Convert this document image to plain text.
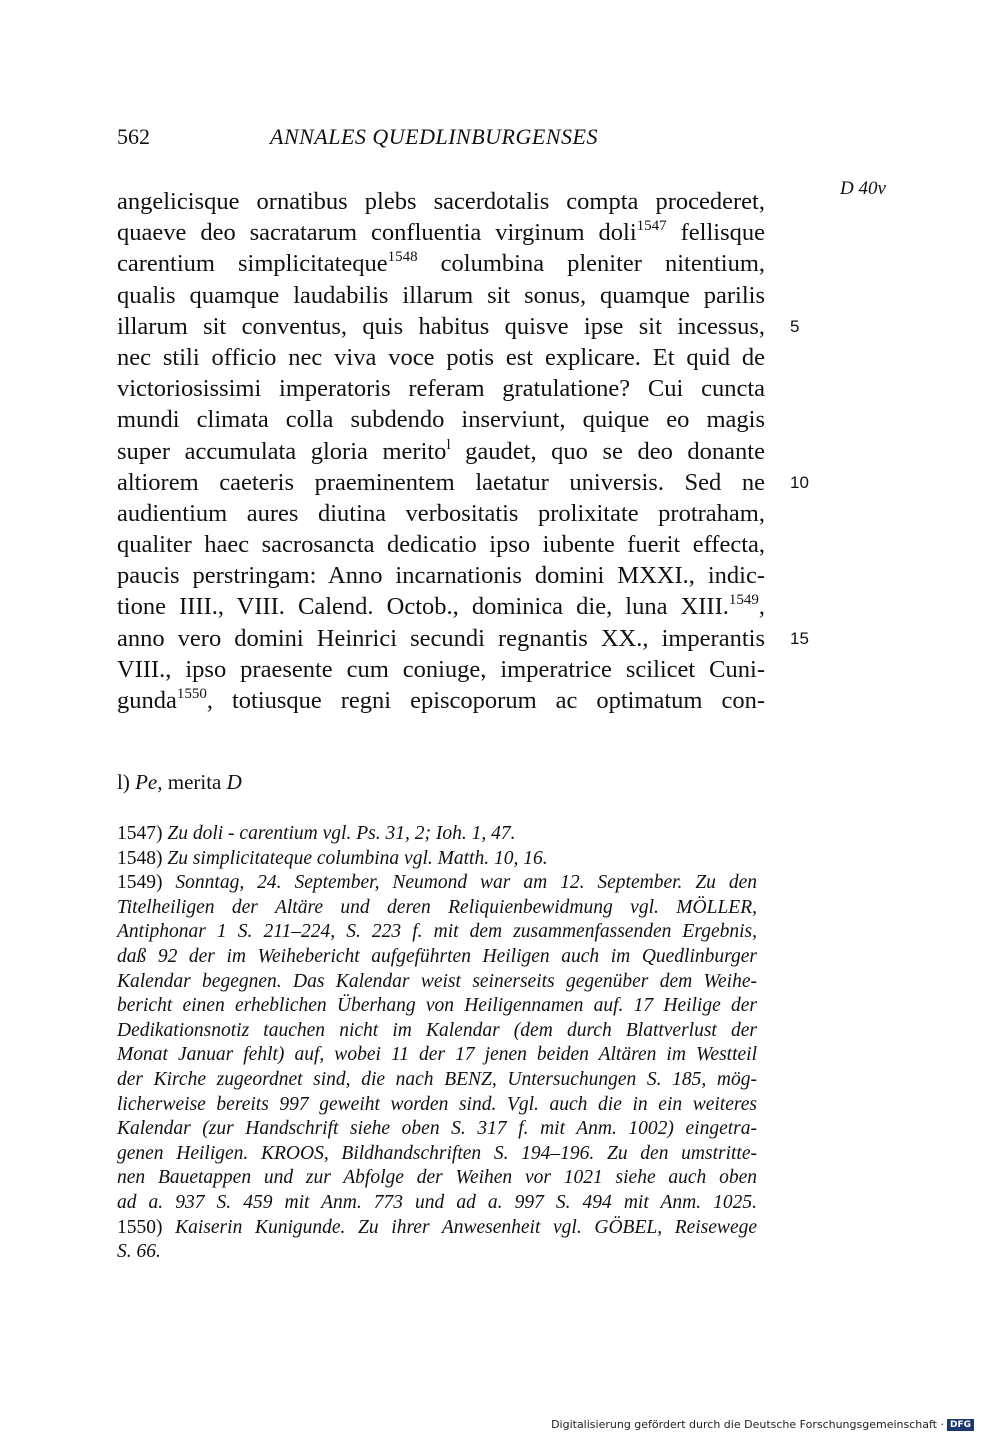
562	ANNALES QUEDLINBURGENSES
D 40v
angelicisque ornatibus plebs sacerdotalis compta procederet,
quaeve deo sacratarum confluentia virginum doli$^{1547}$ fellisque
carentium simplicitateque$^{1548}$ columbina pleniter nitentium,
qualis quamque laudabilis illarum sit sonus, quamque parilis
illarum sit conventus, quis habitus quisve ipse sit incessus,
nec stili officio nec viva voce potis est explicare. Et quid de
victoriosissimi imperatoris referam gratulatione? Cui cuncta
mundi climata colla subdendo inserviunt, quique eo magis
super accumulata gloria merito$^l$ gaudet, quo se deo donante
altiorem caeteris praeminentem laetatur universis. Sed ne
audientium aures diutina verbositatis prolixitate protraham,
qualiter haec sacrosancta dedicatio ipso iubente fuerit effecta,
paucis perstringam: Anno incarnationis domini MXXI., indic-
tione IIII., VIII. Calend. Octob., dominica die, luna XIII.$^{1549}$,
anno vero domini Heinrici secundi regnantis XX., imperantis
VIII., ipso praesente cum coniuge, imperatrice scilicet Cuni-
gunda$^{1550}$, totiusque regni episcoporum ac optimatum con-
5
10
15
l) Pe, merita D
1547) Zu doli - carentium vgl. Ps. 31, 2; Ioh. 1, 47.
1548) Zu simplicitateque columbina vgl. Matth. 10, 16.
1549) Sonntag, 24. September, Neumond war am 12. September. Zu den
Titelheiligen der Altäre und deren Reliquienbewidmung vgl. MÖLLER,
Antiphonar 1 S. 211–224, S. 223 f. mit dem zusammenfassenden Ergebnis,
daß 92 der im Weihebericht aufgeführten Heiligen auch im Quedlinburger
Kalendar begegnen. Das Kalendar weist seinerseits gegenüber dem Weihe-
bericht einen erheblichen Überhang von Heiligennamen auf. 17 Heilige der
Dedikationsnotiz tauchen nicht im Kalendar (dem durch Blattverlust der
Monat Januar fehlt) auf, wobei 11 der 17 jenen beiden Altären im Westteil
der Kirche zugeordnet sind, die nach BENZ, Untersuchungen S. 185, mög-
licherweise bereits 997 geweiht worden sind. Vgl. auch die in ein weiteres
Kalendar (zur Handschrift siehe oben S. 317 f. mit Anm. 1002) eingetra-
genen Heiligen. KROOS, Bildhandschriften S. 194–196. Zu den umstritte-
nen Bauetappen und zur Abfolge der Weihen vor 1021 siehe auch oben
ad a. 937 S. 459 mit Anm. 773 und ad a. 997 S. 494 mit Anm. 1025.
1550) Kaiserin Kunigunde. Zu ihrer Anwesenheit vgl. GÖBEL, Reisewege
S. 66.
Digitalisierung gefördert durch die Deutsche Forschungsgemeinschaft · DFG
